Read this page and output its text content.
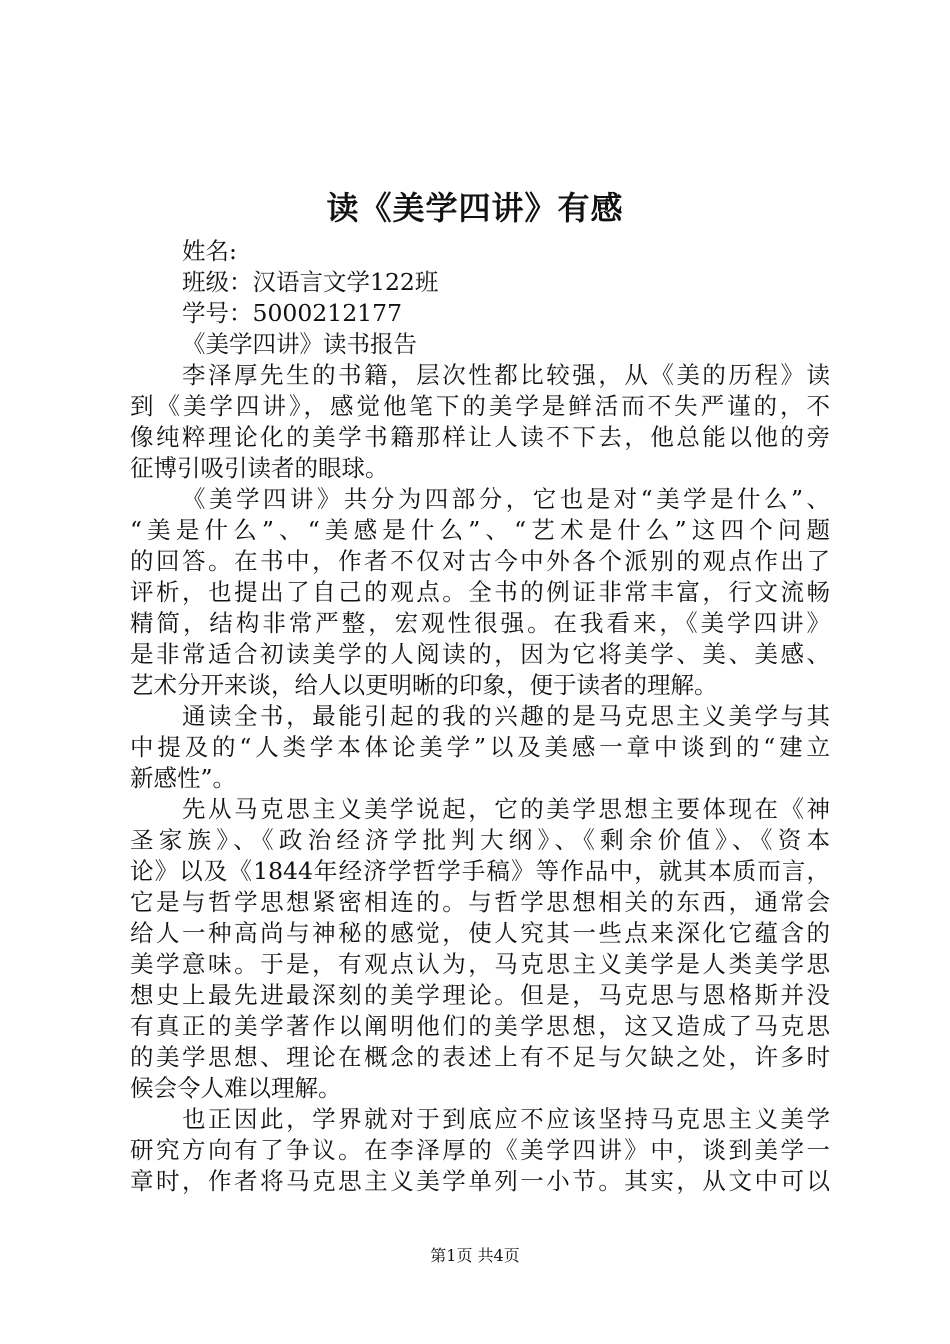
读《美学四讲》有感
姓名:
班级：汉语言文学122班
学号：5000212177
《美学四讲》读书报告
李泽厚先生的书籍，层次性都比较强，从《美的历程》读
到《美学四讲》，感觉他笔下的美学是鲜活而不失严谨的，不
像纯粹理论化的美学书籍那样让人读不下去，他总能以他的旁
征博引吸引读者的眼球。
《美学四讲》共分为四部分，它也是对“美学是什么”、
“美是什么”、“美感是什么”、“艺术是什么”这四个问题
的回答。在书中，作者不仅对古今中外各个派别的观点作出了
评析，也提出了自己的观点。全书的例证非常丰富，行文流畅
精简，结构非常严整，宏观性很强。在我看来，《美学四讲》
是非常适合初读美学的人阅读的，因为它将美学、美、美感、
艺术分开来谈，给人以更明晰的印象，便于读者的理解。
通读全书，最能引起的我的兴趣的是马克思主义美学与其
中提及的“人类学本体论美学”以及美感一章中谈到的“建立
新感性”。
先从马克思主义美学说起，它的美学思想主要体现在《神
圣家族》、《政治经济学批判大纲》、《剩余价值》、《资本
论》以及《1844年经济学哲学手稿》等作品中，就其本质而言，
它是与哲学思想紧密相连的。与哲学思想相关的东西，通常会
给人一种高尚与神秘的感觉，使人究其一些点来深化它蕴含的
美学意味。于是，有观点认为，马克思主义美学是人类美学思
想史上最先进最深刻的美学理论。但是，马克思与恩格斯并没
有真正的美学著作以阐明他们的美学思想，这又造成了马克思
的美学思想、理论在概念的表述上有不足与欠缺之处，许多时
候会令人难以理解。
也正因此，学界就对于到底应不应该坚持马克思主义美学
研究方向有了争议。在李泽厚的《美学四讲》中，谈到美学一
章时，作者将马克思主义美学单列一小节。其实，从文中可以
第1页 共4页
